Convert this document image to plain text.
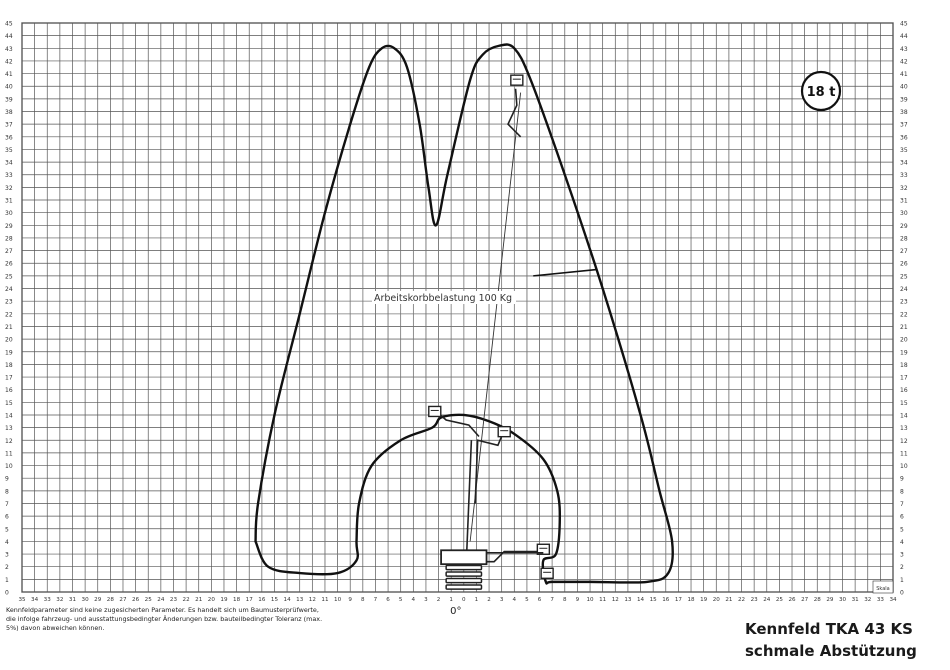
0
1
2
3
4
5
6
7
8
9
10
11
12
13
14
15
16
17
18
19
20
21
22
23
24
25
26
27
28
29
30
31
32
33
34
35
36
37
38
39
40
41
42
43
44
45
0
1
2
3
4
5
6
7
8
9
10
11
12
13
14
15
16
17
18
19
20
21
22
23
24
25
26
27
28
29
30
31
32
33
34
35
36
37
38
39
40
41
42
43
44
45
35 34 33 32 31 30 29 28 27 26 25 24 23 22 21 20 19 18 17 16 15 14 13 12 11 10 9 8 7 6 5 4 3 2 1 0 1 2 3 4 5 6 7 8 9 10 11 12 13 14 15 16 17 18 19 20 21 22 23 24 25 26 27 28 29 30 31 32 33 34
Arbeitskorbbelastung 100 Kg
18 t
0°
Skala
Kennfeldparameter sind keine zugesicherten Parameter. Es handelt sich um Baumusterprüfwerte,
die infolge fahrzeug- und ausstattungsbedingter Änderungen bzw. bauteilbedingter Toleranz (max.
5%) davon abweichen können.	Kennfeld TKA 43 KS
schmale Abstützung
